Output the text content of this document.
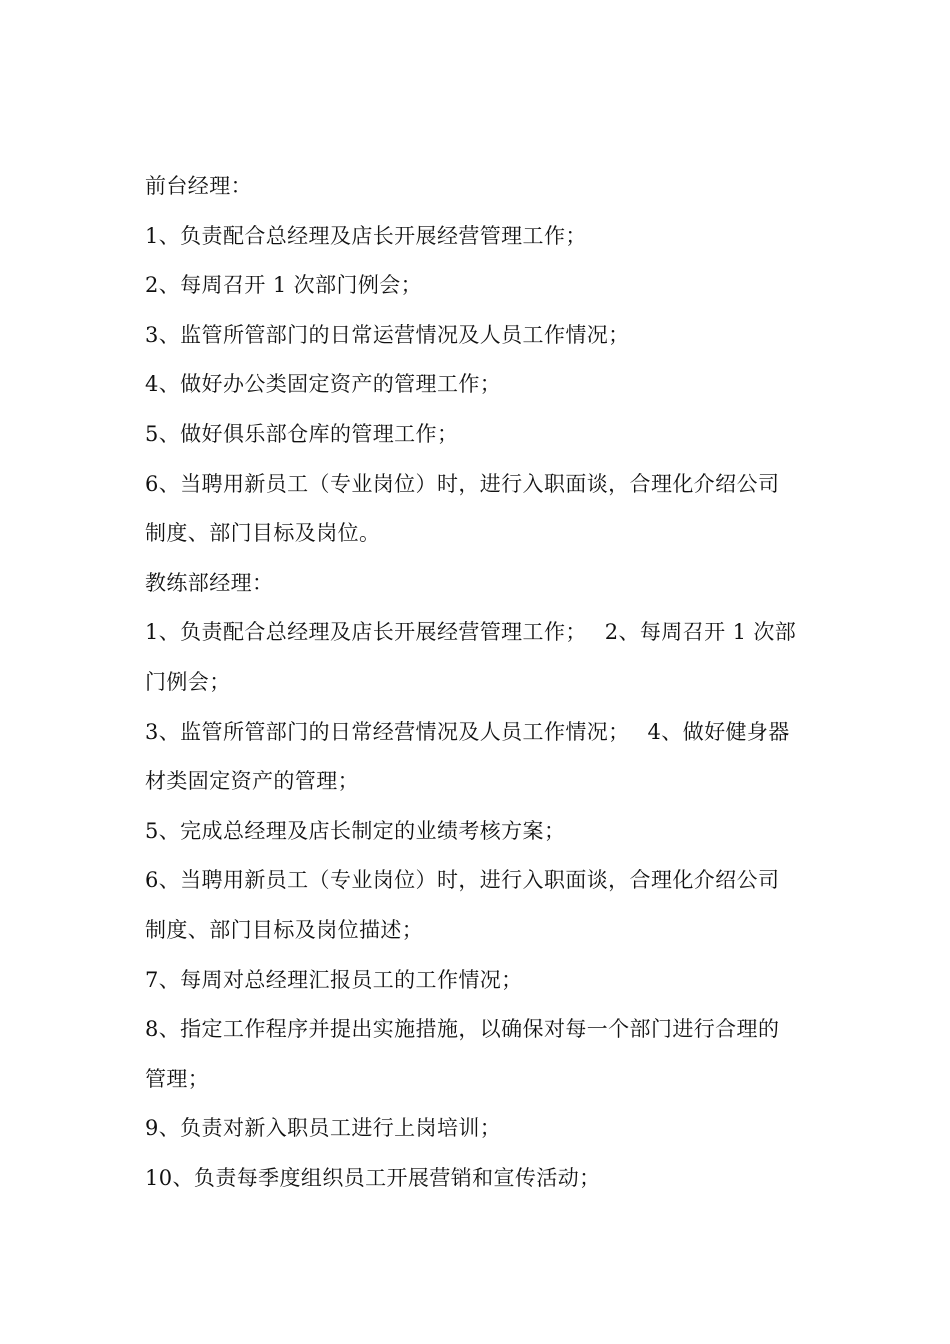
前台经理：

1、负责配合总经理及店长开展经营管理工作；

2、每周召开 1 次部门例会；

3、监管所管部门的日常运营情况及人员工作情况；

4、做好办公类固定资产的管理工作；

5、做好俱乐部仓库的管理工作；

6、当聘用新员工（专业岗位）时，进行入职面谈，合理化介绍公司

制度、部门目标及岗位。

教练部经理：

1、负责配合总经理及店长开展经营管理工作；　 2、每周召开 1 次部

门例会；

3、监管所管部门的日常经营情况及人员工作情况；　 4、做好健身器

材类固定资产的管理；

5、完成总经理及店长制定的业绩考核方案；

6、当聘用新员工（专业岗位）时，进行入职面谈，合理化介绍公司

制度、部门目标及岗位描述；

7、每周对总经理汇报员工的工作情况；

8、指定工作程序并提出实施措施，以确保对每一个部门进行合理的

管理；

9、负责对新入职员工进行上岗培训；

10、负责每季度组织员工开展营销和宣传活动；
